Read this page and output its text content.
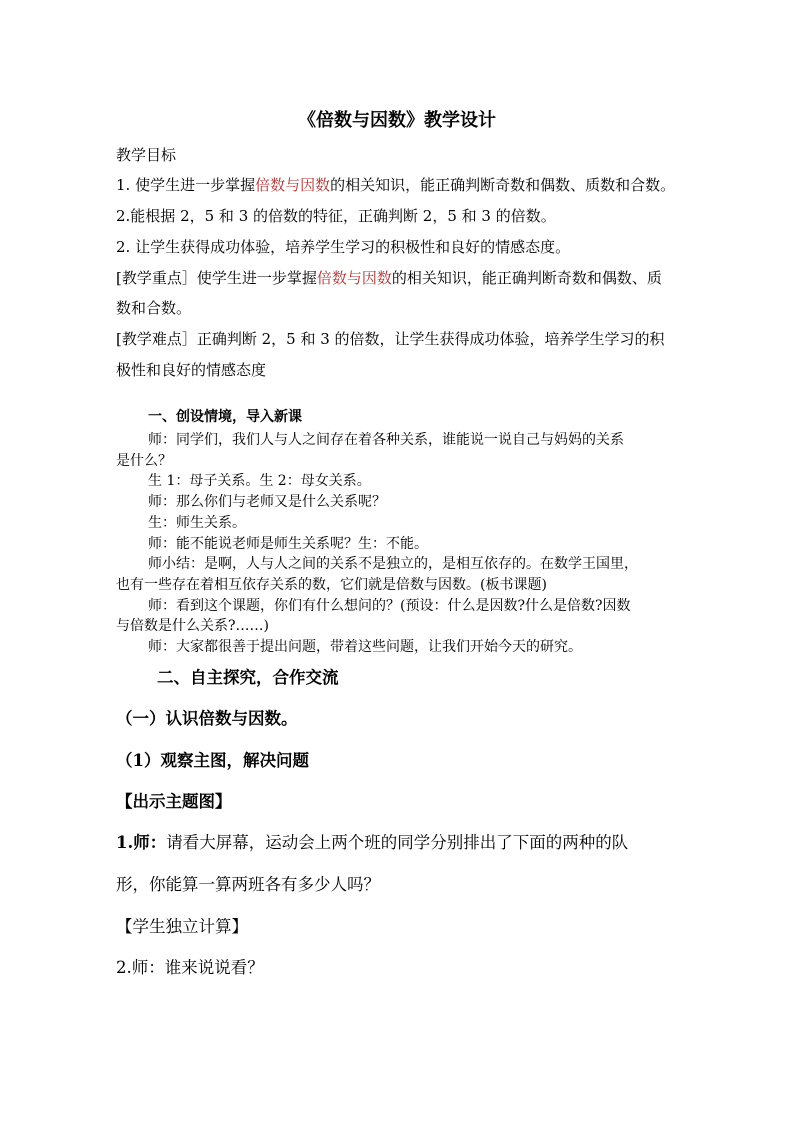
《倍数与因数》教学设计
教学目标
1. 使学生进一步掌握倍数与因数的相关知识，能正确判断奇数和偶数、质数和合数。
2.能根据 2，5 和 3 的倍数的特征，正确判断 2，5 和 3 的倍数。
2. 让学生获得成功体验，培养学生学习的积极性和良好的情感态度。
[教学重点］使学生进一步掌握倍数与因数的相关知识，能正确判断奇数和偶数、质
数和合数。
[教学难点］正确判断 2，5 和 3 的倍数，让学生获得成功体验，培养学生学习的积
极性和良好的情感态度
一、创设情境，导入新课
师：同学们，我们人与人之间存在着各种关系，谁能说一说自己与妈妈的关系
是什么？
生 1：母子关系。生 2：母女关系。
师：那么你们与老师又是什么关系呢？
生：师生关系。
师：能不能说老师是师生关系呢？生：不能。
师小结：是啊，人与人之间的关系不是独立的，是相互依存的。在数学王国里，
也有一些存在着相互依存关系的数，它们就是倍数与因数。(板书课题)
师：看到这个课题，你们有什么想问的？(预设：什么是因数?什么是倍数?因数
与倍数是什么关系?……)
师：大家都很善于提出问题，带着这些问题，让我们开始今天的研究。
二、自主探究，合作交流
（一）认识倍数与因数。
（1）观察主图，解决问题
【出示主题图】
1.师：请看大屏幕，运动会上两个班的同学分别排出了下面的两种的队
形，你能算一算两班各有多少人吗？
【学生独立计算】
2.师：谁来说说看？
